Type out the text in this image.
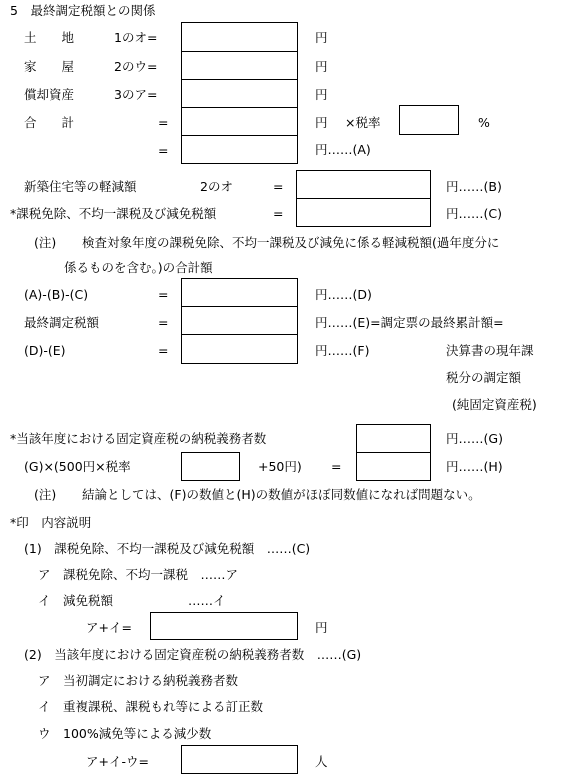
5　最終調定税額との関係
土　　地	1のオ=	円
家　　屋	2のウ=	円
償却資産	3のア=	円
合　　計	=	円 ×税率	%
=	円……(A)
新築住宅等の軽減額	2のオ	=	円……(B)
*課税免除、不均一課税及び減免税額	=	円……(C)
(注) 検査対象年度の課税免除、不均一課税及び減免に係る軽減税額(過年度分に
係るものを含む。)の合計額
(A)-(B)-(C)	=	円……(D)
最終調定税額	=	円……(E)=調定票の最終累計額=
(D)-(E)	=	円……(F)	決算書の現年課
税分の調定額
(純固定資産税)
*当該年度における固定資産税の納税義務者数	円……(G)
(G)×(500円×税率	+50円) =	円……(H)
(注) 結論としては、(F)の数値と(H)の数値がほぼ同数値になれば問題ない。
*印　内容説明
(1)　課税免除、不均一課税及び減免税額　……(C)
ア　課税免除、不均一課税　……ア
イ　減免税額　　　　　　……イ
ア+イ=	円
(2)　当該年度における固定資産税の納税義務者数　……(G)
ア　当初調定における納税義務者数
イ　重複課税、課税もれ等による訂正数
ウ　100%減免等による減少数
ア+イ-ウ=	人
